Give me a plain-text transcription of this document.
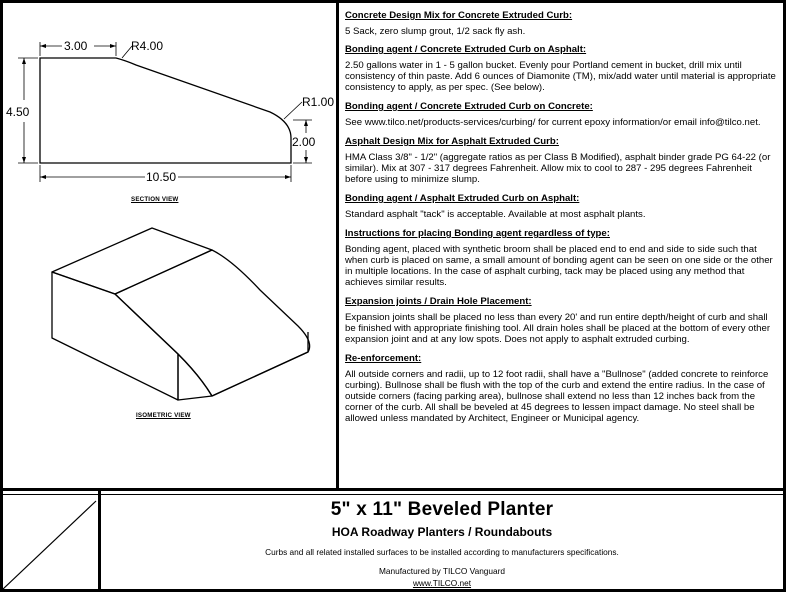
3.00	R4.00
R1.00
4.50
2.00
10.50
SECTION VIEW
ISOMETRIC VIEW
Concrete Design Mix for Concrete Extruded Curb:
5 Sack, zero slump grout, 1/2 sack fly ash.
Bonding agent / Concrete Extruded Curb on Asphalt:
2.50 gallons water in 1 - 5 gallon bucket. Evenly pour Portland cement in bucket, drill mix until consistency of thin paste. Add 6 ounces of Diamonite (TM), mix/add water until material is appropriate consistency to apply, as per spec. (See below).
Bonding agent / Concrete Extruded Curb on Concrete:
See www.tilco.net/products-services/curbing/ for current epoxy information/or email info@tilco.net.
Asphalt Design Mix for Asphalt Extruded Curb:
HMA Class 3/8" - 1/2" (aggregate ratios as per Class B Modified), asphalt binder grade PG 64-22 (or similar). Mix at 307 - 317 degrees Fahrenheit. Allow mix to cool to 287 - 295 degrees Fahrenheit before using to minimize slump.
Bonding agent / Asphalt Extruded Curb on Asphalt:
Standard asphalt "tack" is acceptable. Available at most asphalt plants.
Instructions for placing Bonding agent regardless of type:
Bonding agent, placed with synthetic broom shall be placed end to end and side to side such that when curb is placed on same, a small amount of bonding agent can be seen on one side or the other in multiple locations. In the case of asphalt curbing, tack may be placed using any method that achieves similar results.
Expansion joints / Drain Hole Placement:
Expansion joints shall be placed no less than every 20' and run entire depth/height of curb and shall be finished with appropriate finishing tool. All drain holes shall be placed at the bottom of every other expansion joint and at any low spots. Does not apply to asphalt extruded curbing.
Re-enforcement:
All outside corners and radii, up to 12 foot radii, shall have a "Bullnose" (added concrete to reinforce curbing). Bullnose shall be flush with the top of the curb and extend the entire radius. In the case of outside corners (facing parking area), bullnose shall extend no less than 12 inches back from the corner of the curb. All shall be beveled at 45 degrees to lessen impact damage. No steel shall be allowed unless mandated by Architect, Engineer or Municipal agency.
5" x 11" Beveled Planter
HOA Roadway Planters / Roundabouts
Curbs and all related installed surfaces to be installed according to manufacturers specifications.
Manufactured by TILCO Vanguard
www.TILCO.net
